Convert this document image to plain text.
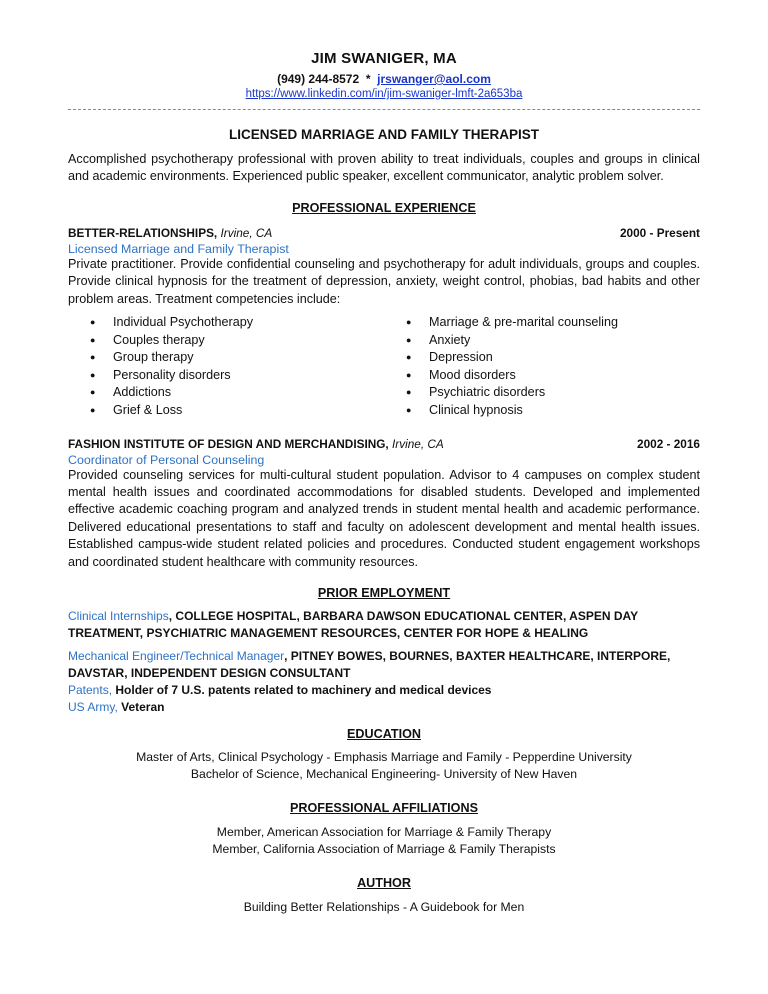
JIM SWANIGER, MA
(949) 244-8572 * jrswanger@aol.com
https://www.linkedin.com/in/jim-swaniger-lmft-2a653ba
LICENSED MARRIAGE AND FAMILY THERAPIST
Accomplished psychotherapy professional with proven ability to treat individuals, couples and groups in clinical and academic environments. Experienced public speaker, excellent communicator, analytic problem solver.
PROFESSIONAL EXPERIENCE
BETTER-RELATIONSHIPS, Irvine, CA	2000 - Present
Licensed Marriage and Family Therapist
Private practitioner. Provide confidential counseling and psychotherapy for adult individuals, groups and couples. Provide clinical hypnosis for the treatment of depression, anxiety, weight control, phobias, bad habits and other problem areas. Treatment competencies include:
●	Individual Psychotherapy
●	Couples therapy
●	Group therapy
●	Personality disorders
●	Addictions
●	Grief & Loss
●	Marriage & pre-marital counseling
●	Anxiety
●	Depression
●	Mood disorders
●	Psychiatric disorders
●	Clinical hypnosis
FASHION INSTITUTE OF DESIGN AND MERCHANDISING, Irvine, CA	2002 - 2016
Coordinator of Personal Counseling
Provided counseling services for multi-cultural student population. Advisor to 4 campuses on complex student mental health issues and coordinated accommodations for disabled students. Developed and implemented effective academic coaching program and analyzed trends in student mental health and academic performance. Delivered educational presentations to staff and faculty on adolescent development and mental health issues. Established campus-wide student related policies and procedures. Conducted student engagement workshops and coordinated student healthcare with community resources.
PRIOR EMPLOYMENT
Clinical Internships, COLLEGE HOSPITAL, BARBARA DAWSON EDUCATIONAL CENTER, ASPEN DAY TREATMENT, PSYCHIATRIC MANAGEMENT RESOURCES, CENTER FOR HOPE & HEALING
Mechanical Engineer/Technical Manager, PITNEY BOWES, BOURNES, BAXTER HEALTHCARE, INTERPORE, DAVSTAR, INDEPENDENT DESIGN CONSULTANT
Patents, Holder of 7 U.S. patents related to machinery and medical devices
US Army, Veteran
EDUCATION
Master of Arts, Clinical Psychology - Emphasis Marriage and Family - Pepperdine University
Bachelor of Science, Mechanical Engineering- University of New Haven
PROFESSIONAL AFFILIATIONS
Member, American Association for Marriage & Family Therapy
Member, California Association of Marriage & Family Therapists
AUTHOR
Building Better Relationships - A Guidebook for Men
